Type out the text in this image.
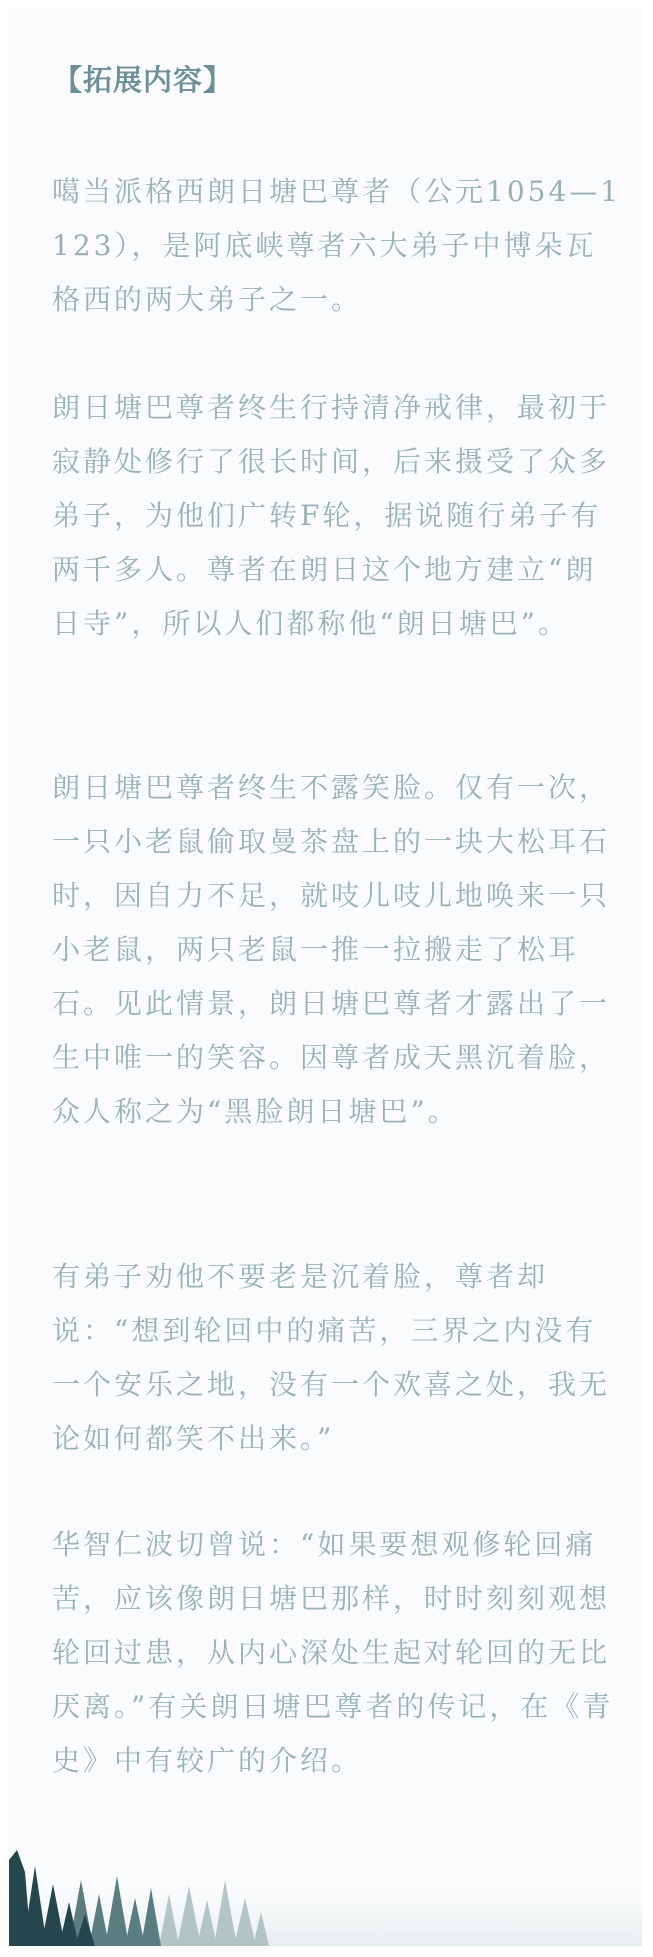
【拓展内容】

噶当派格西朗日塘巴尊者（公元1054—1123），是阿底峡尊者六大弟子中博朵瓦格西的两大弟子之一。

朗日塘巴尊者终生行持清净戒律，最初于寂静处修行了很长时间，后来摄受了众多弟子，为他们广转F轮，据说随行弟子有两千多人。尊者在朗日这个地方建立“朗日寺”，所以人们都称他“朗日塘巴”。

朗日塘巴尊者终生不露笑脸。仅有一次，一只小老鼠偷取曼茶盘上的一块大松耳石时，因自力不足，就吱儿吱儿地唤来一只小老鼠，两只老鼠一推一拉搬走了松耳石。见此情景，朗日塘巴尊者才露出了一生中唯一的笑容。因尊者成天黑沉着脸，众人称之为“黑脸朗日塘巴”。

有弟子劝他不要老是沉着脸，尊者却说：“想到轮回中的痛苦，三界之内没有一个安乐之地，没有一个欢喜之处，我无论如何都笑不出来。”

华智仁波切曾说：“如果要想观修轮回痛苦，应该像朗日塘巴那样，时时刻刻观想轮回过患，从内心深处生起对轮回的无比厌离。”有关朗日塘巴尊者的传记，在《青史》中有较广的介绍。
